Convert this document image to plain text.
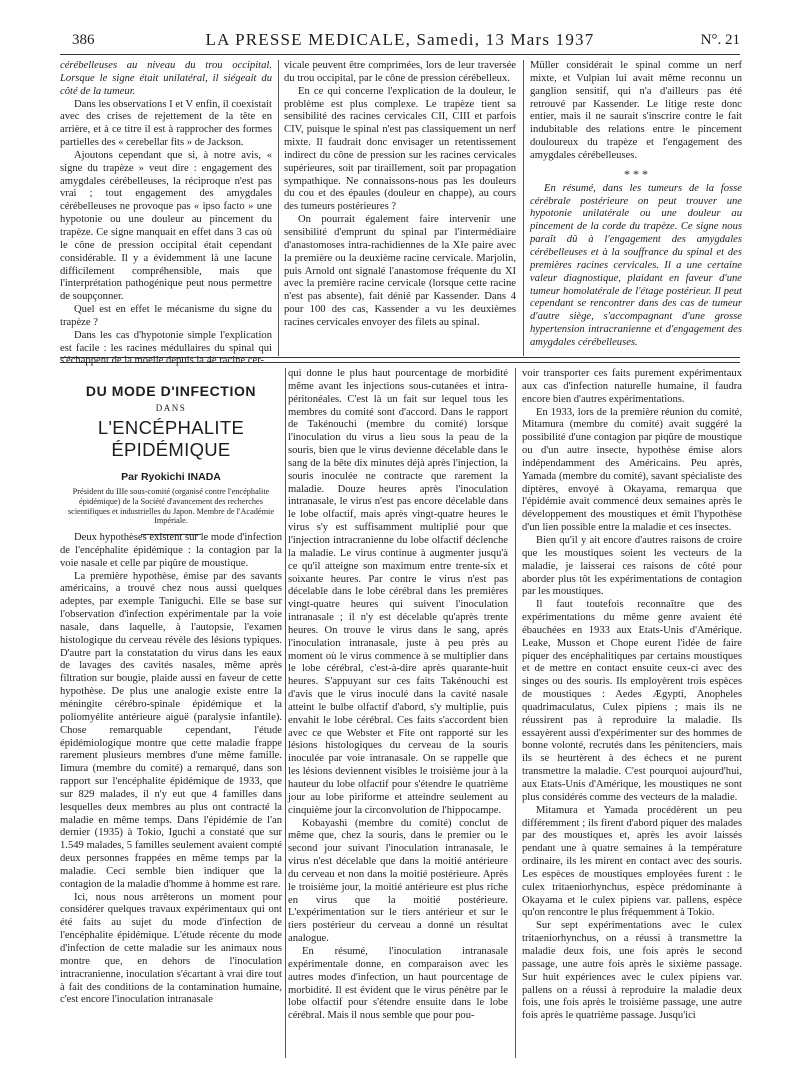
386	LA PRESSE MEDICALE, Samedi, 13 Mars 1937	N°. 21

cérébelleuses au niveau du trou occipital. Lorsque le signe était unilatéral, il siégeait du côté de la tumeur.

Dans les observations I et V enfin, il coexistait avec des crises de rejettement de la tête en arrière, et à ce titre il est à rapprocher des formes partielles des « cerebellar fits » de Jackson.

Ajoutons cependant que si, à notre avis, « signe du trapèze » veut dire : engagement des amygdales cérébelleuses, la réciproque n'est pas vrai ; tout engagement des amygdales cérébelleuses ne provoque pas « ipso facto » une hypotonie ou une douleur au pincement du trapèze. Ce signe manquait en effet dans 3 cas où le cône de pression occipital était cependant considérable. Il y a évidemment là une lacune difficilement compréhensible, mais que l'interprétation pathogénique peut nous permettre de soupçonner.

Quel est en effet le mécanisme du signe du trapèze ?

Dans les cas d'hypotonie simple l'explication est facile : les racines médullaires du spinal qui s'échappent de la moelle depuis la 4e racine cer-

vicale peuvent être comprimées, lors de leur traversée du trou occipital, par le cône de pression cérébelleux.

En ce qui concerne l'explication de la douleur, le problème est plus complexe. Le trapèze tient sa sensibilité des racines cervicales CII, CIII et parfois CIV, puisque le spinal n'est pas classiquement un nerf mixte. Il faudrait donc envisager un retentissement indirect du cône de pression sur les racines cervicales supérieures, soit par tiraillement, soit par propagation sympathique. Ne connaissons-nous pas les douleurs du cou et des épaules (douleur en chappe), au cours des tumeurs postérieures ?

On pourrait également faire intervenir une sensibilité d'emprunt du spinal par l'intermédiaire d'anastomoses intra-rachidiennes de la XIe paire avec la première ou la deuxième racine cervicale. Marjolin, puis Arnold ont signalé l'anastomose fréquente du XI avec la première racine cervicale (lorsque cette racine n'est pas absente), fait dénié par Kassender. Dans 4 pour 100 des cas, Kassender a vu les deuxièmes racines cervicales envoyer des filets au spinal.

Müller considérait le spinal comme un nerf mixte, et Vulpian lui avait même reconnu un ganglion sensitif, qui n'a d'ailleurs pas été retrouvé par Kassender. Le litige reste donc entier, mais il ne saurait s'inscrire contre le fait indubitable des relations entre le pincement douloureux du trapèze et l'engagement des amygdales cérébelleuses.

* * *

En résumé, dans les tumeurs de la fosse cérébrale postérieure on peut trouver une hypotonie unilatérale ou une douleur au pincement de la corde du trapèze. Ce signe nous paraît dû à l'engagement des amygdales cérébelleuses et à la souffrance du spinal et des premières racines cervicales. Il a une certaine valeur diagnostique, plaidant en faveur d'une tumeur homolatérale de l'étage postérieur. Il peut cependant se rencontrer dans des cas de tumeur d'autre siège, s'accompagnant d'une grosse hypertension intracranienne et d'engagement des amygdales cérébelleuses.

DU MODE D'INFECTION
DANS
L'ENCÉPHALITE ÉPIDÉMIQUE
Par Ryokichi INADA
Président du IIIe sous-comité (organisé contre l'encéphalite épidémique) de la Société d'avancement des recherches scientifiques et industrielles du Japon. Membre de l'Académie Impériale.

Deux hypothèses existent sur le mode d'infection de l'encéphalite épidémique : la contagion par la voie nasale et celle par piqûre de moustique.

La première hypothèse, émise par des savants américains, a trouvé chez nous aussi quelques adeptes, par exemple Taniguchi. Elle se base sur l'observation d'infection expérimentale par la voie nasale, dans laquelle, à l'autopsie, l'examen histologique du cerveau révèle des lésions typiques. D'autre part la constatation du virus dans les eaux de lavages des cavités nasales, même après filtration sur bougie, plaide aussi en faveur de cette hypothèse. De plus une analogie existe entre la méningite cérébro-spinale épidémique et la poliomyélite antérieure aiguë (paralysie infantile). Chose remarquable cependant, l'étude épidémiologique montre que cette maladie frappe rarement plusieurs membres d'une même famille. Iimura (membre du comité) a remarqué, dans son rapport sur l'encéphalite épidémique de 1933, que sur 829 malades, il n'y eut que 4 familles dans lesquelles deux membres au plus ont contracté la maladie en même temps. Dans l'épidémie de l'an dernier (1935) à Tokio, Iguchi a constaté que sur 1.549 malades, 5 familles seulement avaient compté deux personnes frappées en même temps par la maladie. Ceci semble bien indiquer que la contagion de la maladie d'homme à homme est rare.

Ici, nous nous arrêterons un moment pour considérer quelques travaux expérimentaux qui ont été faits au sujet du mode d'infection de l'encéphalite épidémique. L'étude récente du mode d'infection de cette maladie sur les animaux nous montre que, en dehors de l'inoculation intracranienne, inoculation s'écartant à vrai dire tout à fait des conditions de la contamination humaine, c'est encore l'inoculation intranasale

qui donne le plus haut pourcentage de morbidité même avant les injections sous-cutanées et intra-péritonéales. C'est là un fait sur lequel tous les membres du comité sont d'accord. Dans le rapport de Takénouchi (membre du comité) lorsque l'inoculation du virus a lieu sous la peau de la souris, bien que le virus devienne décelable dans le sang de la bête dix minutes déjà après l'injection, la souris inoculée ne contracte que rarement la maladie. Douze heures après l'inoculation intranasale, le virus n'est pas encore décelable dans le lobe olfactif, mais après vingt-quatre heures le virus s'y est suffisamment multiplié pour que l'injection intracranienne du lobe olfactif déclenche la maladie. Le virus continue à augmenter jusqu'à ce qu'il atteigne son maximum entre trente-six et soixante heures. Par contre le virus n'est pas décelable dans le lobe cérébral dans les premières vingt-quatre heures qui suivent l'inoculation intranasale ; il n'y est décelable qu'après trente heures. On trouve le virus dans le sang, après l'inoculation intranasale, juste à peu près au moment où le virus commence à se multiplier dans le lobe cérébral, c'est-à-dire après quarante-huit heures. S'appuyant sur ces faits Takénouchi est d'avis que le virus inoculé dans la cavité nasale atteint le bulbe olfactif d'abord, s'y multiplie, puis envahit le lobe cérébral. Ces faits s'accordent bien avec ce que Webster et Fite ont rapporté sur les lésions histologiques du cerveau de la souris inoculée par voie intranasale. On se rappelle que les lésions deviennent visibles le troisième jour à la hauteur du lobe olfactif pour s'étendre le quatrième jour au lobe piriforme et atteindre seulement au cinquième jour la circonvolution de l'hippocampe.

Kobayashi (membre du comité) conclut de même que, chez la souris, dans le premier ou le second jour suivant l'inoculation intranasale, le virus n'est décelable que dans la moitié antérieure du cerveau et non dans la moitié postérieure. Après le troisième jour, la moitié antérieure est plus riche en virus que la moitié postérieure. L'expérimentation sur le tiers antérieur et sur le tiers postérieur du cerveau a donné un résultat analogue.

En résumé, l'inoculation intranasale expérimentale donne, en comparaison avec les autres modes d'infection, un haut pourcentage de morbidité. Il est évident que le virus pénètre par le lobe olfactif pour s'étendre ensuite dans le lobe cérébral. Mais il nous semble que pour pou-

voir transporter ces faits purement expérimentaux aux cas d'infection naturelle humaine, il faudra encore bien d'autres expérimentations.

En 1933, lors de la première réunion du comité, Mitamura (membre du comité) avait suggéré la possibilité d'une contagion par piqûre de moustique ou d'un autre insecte, hypothèse émise alors indépendamment des Américains. Peu après, Yamada (membre du comité), savant spécialiste des diptères, envoyé à Okayama, remarqua que l'épidémie avait commencé deux semaines après le développement des moustiques et émit l'hypothèse d'un lien possible entre la maladie et ces insectes.

Bien qu'il y ait encore d'autres raisons de croire que les moustiques soient les vecteurs de la maladie, je laisserai ces raisons de côté pour aborder plus tôt les expérimentations de contagion par les moustiques.

Il faut toutefois reconnaître que des expérimentations du même genre avaient été ébauchées en 1933 aux Etats-Unis d'Amérique. Leake, Musson et Chope eurent l'idée de faire piquer des encéphalitiques par certains moustiques et de mettre en contact ensuite ceux-ci avec des singes ou des souris. Ils employèrent trois espèces de moustiques : Aedes Ægypti, Anopheles quadrimaculatus, Culex pipiens ; mais ils ne réussirent pas à reproduire la maladie. Ils essayèrent aussi d'expérimenter sur des hommes de bonne volonté, recrutés dans les pénitenciers, mais ils se heurtèrent à des échecs et ne purent transmettre la maladie. C'est pourquoi aujourd'hui, aux Etats-Unis d'Amérique, les moustiques ne sont plus considérés comme des vecteurs de la maladie.

Mitamura et Yamada procédèrent un peu différemment ; ils firent d'abord piquer des malades par des moustiques et, après les avoir laissés pendant une à quatre semaines à la température ordinaire, ils les mirent en contact avec des souris. Les espèces de moustiques employées furent : le culex tritaeniorhynchus, espèce prédominante à Okayama et le culex pipiens var. pallens, espèce qu'on rencontre le plus fréquemment à Tokio.

Sur sept expérimentations avec le culex tritaeniorhynchus, on a réussi à transmettre la maladie deux fois, une fois après le second passage, une autre fois après le sixième passage. Sur huit expériences avec le culex pipiens var. pallens on a réussi à reproduire la maladie deux fois, une fois après le troisième passage, une autre fois après le quatrième passage. Jusqu'ici
